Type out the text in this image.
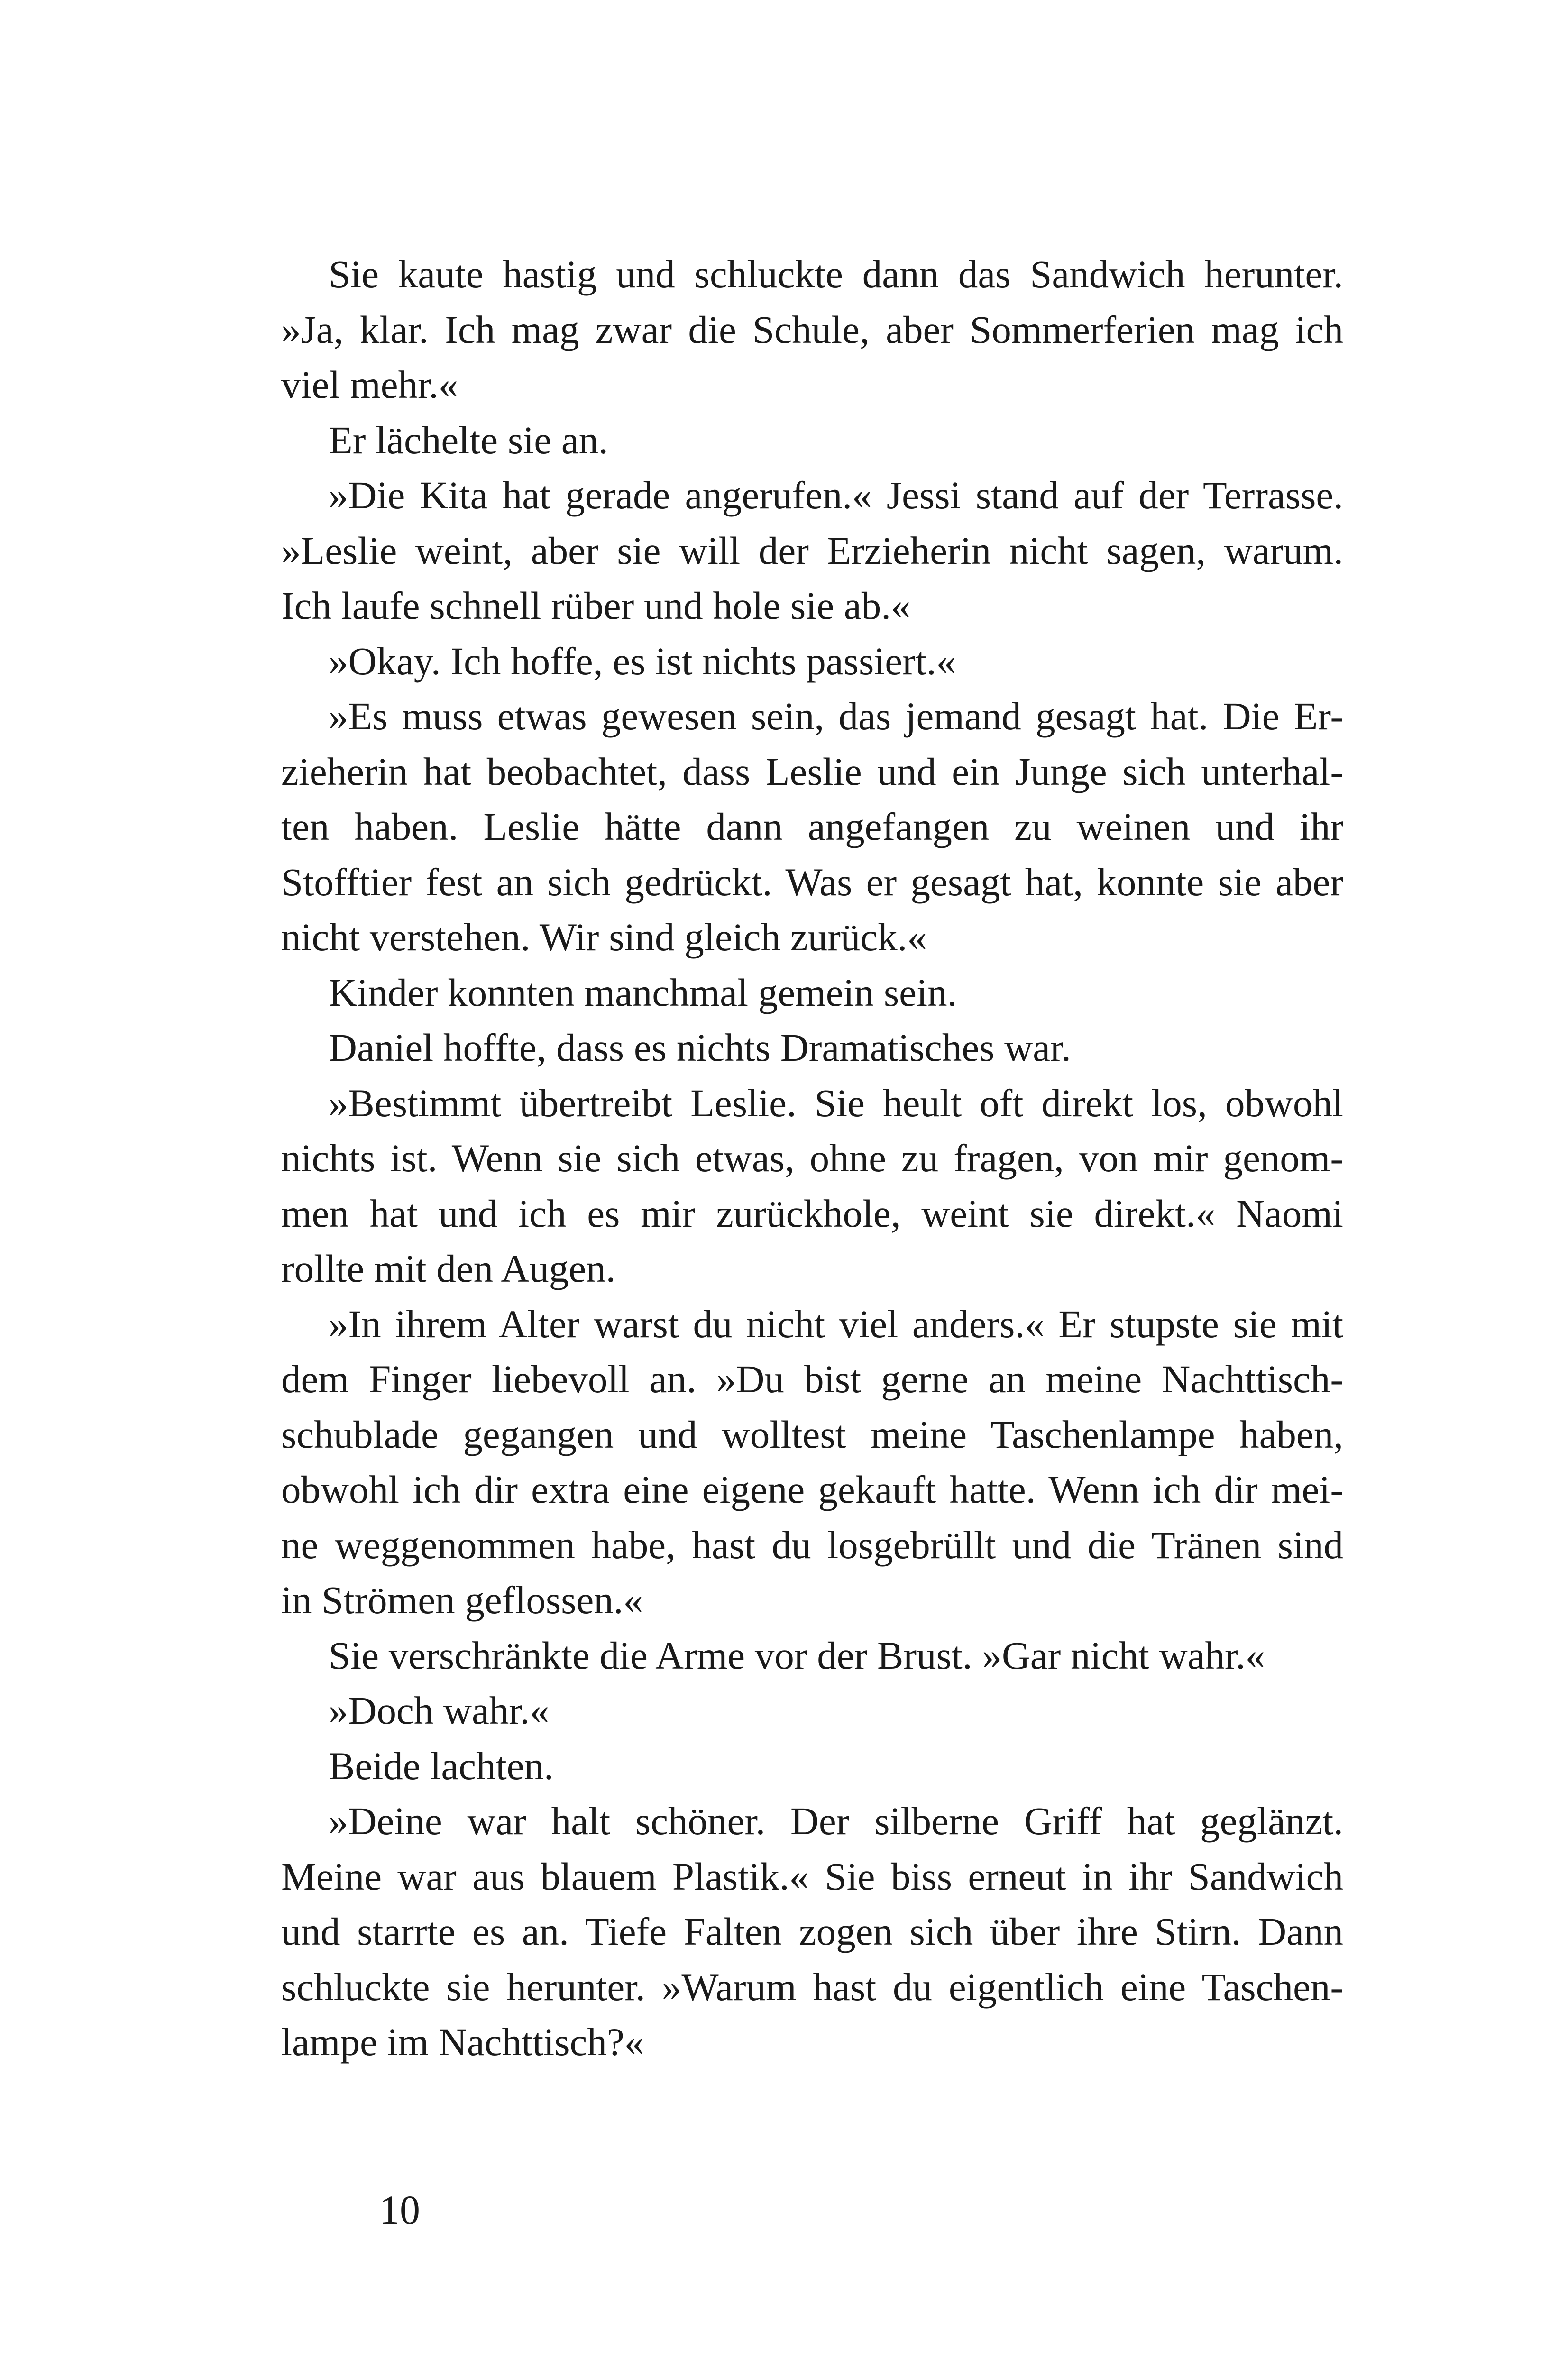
Sie kaute hastig und schluckte dann das Sandwich herunter.
»Ja, klar. Ich mag zwar die Schule, aber Sommerferien mag ich
viel mehr.«
Er lächelte sie an.
»Die Kita hat gerade angerufen.« Jessi stand auf der Terrasse.
»Leslie weint, aber sie will der Erzieherin nicht sagen, warum.
Ich laufe schnell rüber und hole sie ab.«
»Okay. Ich hoffe, es ist nichts passiert.«
»Es muss etwas gewesen sein, das jemand gesagt hat. Die Er-
zieherin hat beobachtet, dass Leslie und ein Junge sich unterhal-
ten haben. Leslie hätte dann angefangen zu weinen und ihr
Stofftier fest an sich gedrückt. Was er gesagt hat, konnte sie aber
nicht verstehen. Wir sind gleich zurück.«
Kinder konnten manchmal gemein sein.
Daniel hoffte, dass es nichts Dramatisches war.
»Bestimmt übertreibt Leslie. Sie heult oft direkt los, obwohl
nichts ist. Wenn sie sich etwas, ohne zu fragen, von mir genom-
men hat und ich es mir zurückhole, weint sie direkt.« Naomi
rollte mit den Augen.
»In ihrem Alter warst du nicht viel anders.« Er stupste sie mit
dem Finger liebevoll an. »Du bist gerne an meine Nachttisch-
schublade gegangen und wolltest meine Taschenlampe haben,
obwohl ich dir extra eine eigene gekauft hatte. Wenn ich dir mei-
ne weggenommen habe, hast du losgebrüllt und die Tränen sind
in Strömen geflossen.«
Sie verschränkte die Arme vor der Brust. »Gar nicht wahr.«
»Doch wahr.«
Beide lachten.
»Deine war halt schöner. Der silberne Griff hat geglänzt.
Meine war aus blauem Plastik.« Sie biss erneut in ihr Sandwich
und starrte es an. Tiefe Falten zogen sich über ihre Stirn. Dann
schluckte sie herunter. »Warum hast du eigentlich eine Taschen-
lampe im Nachttisch?«
10
